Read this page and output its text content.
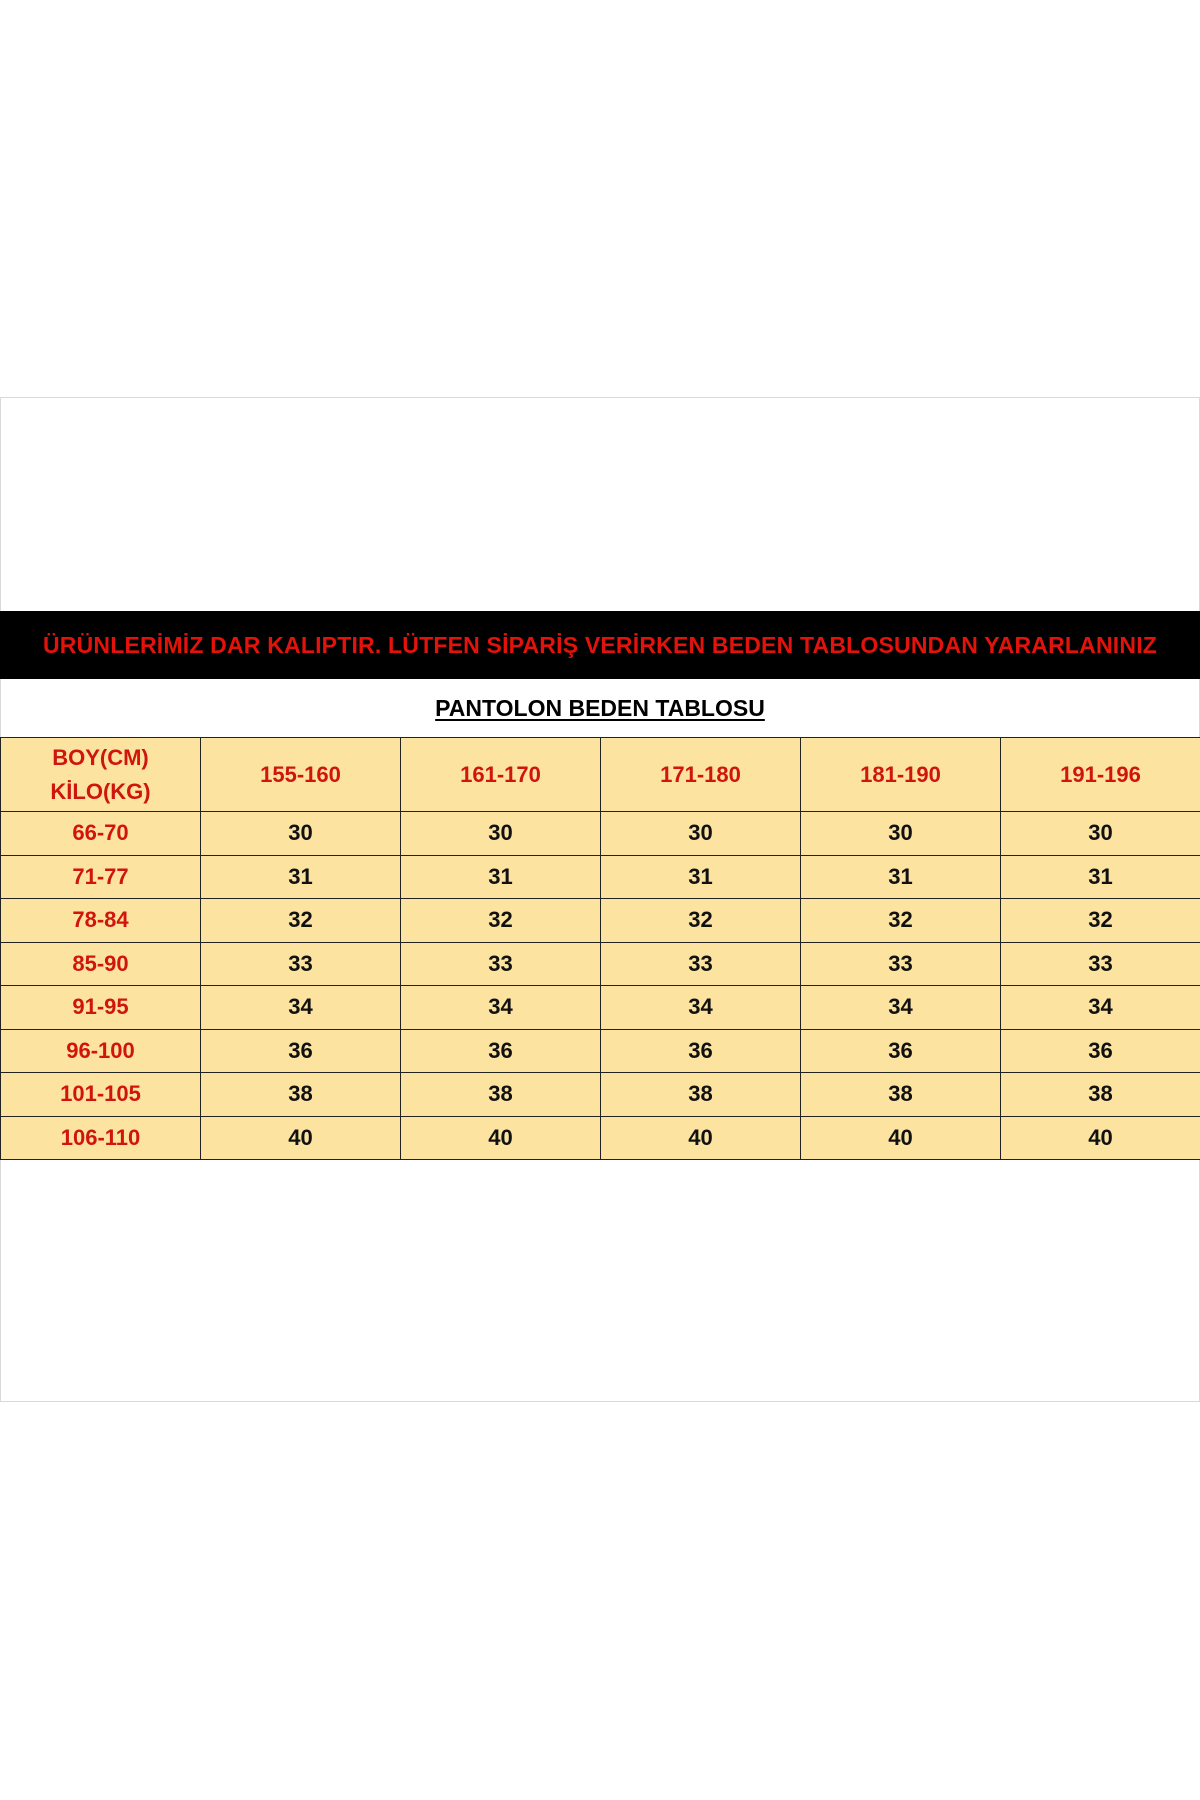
ÜRÜNLERİMİZ DAR KALIPTIR. LÜTFEN SİPARİŞ VERİRKEN BEDEN TABLOSUNDAN YARARLANINIZ
PANTOLON BEDEN TABLOSU
BOY(CM)
KİLO(KG)	155-160	161-170	171-180	181-190	191-196
66-70	30	30	30	30	30
71-77	31	31	31	31	31
78-84	32	32	32	32	32
85-90	33	33	33	33	33
91-95	34	34	34	34	34
96-100	36	36	36	36	36
101-105	38	38	38	38	38
106-110	40	40	40	40	40
